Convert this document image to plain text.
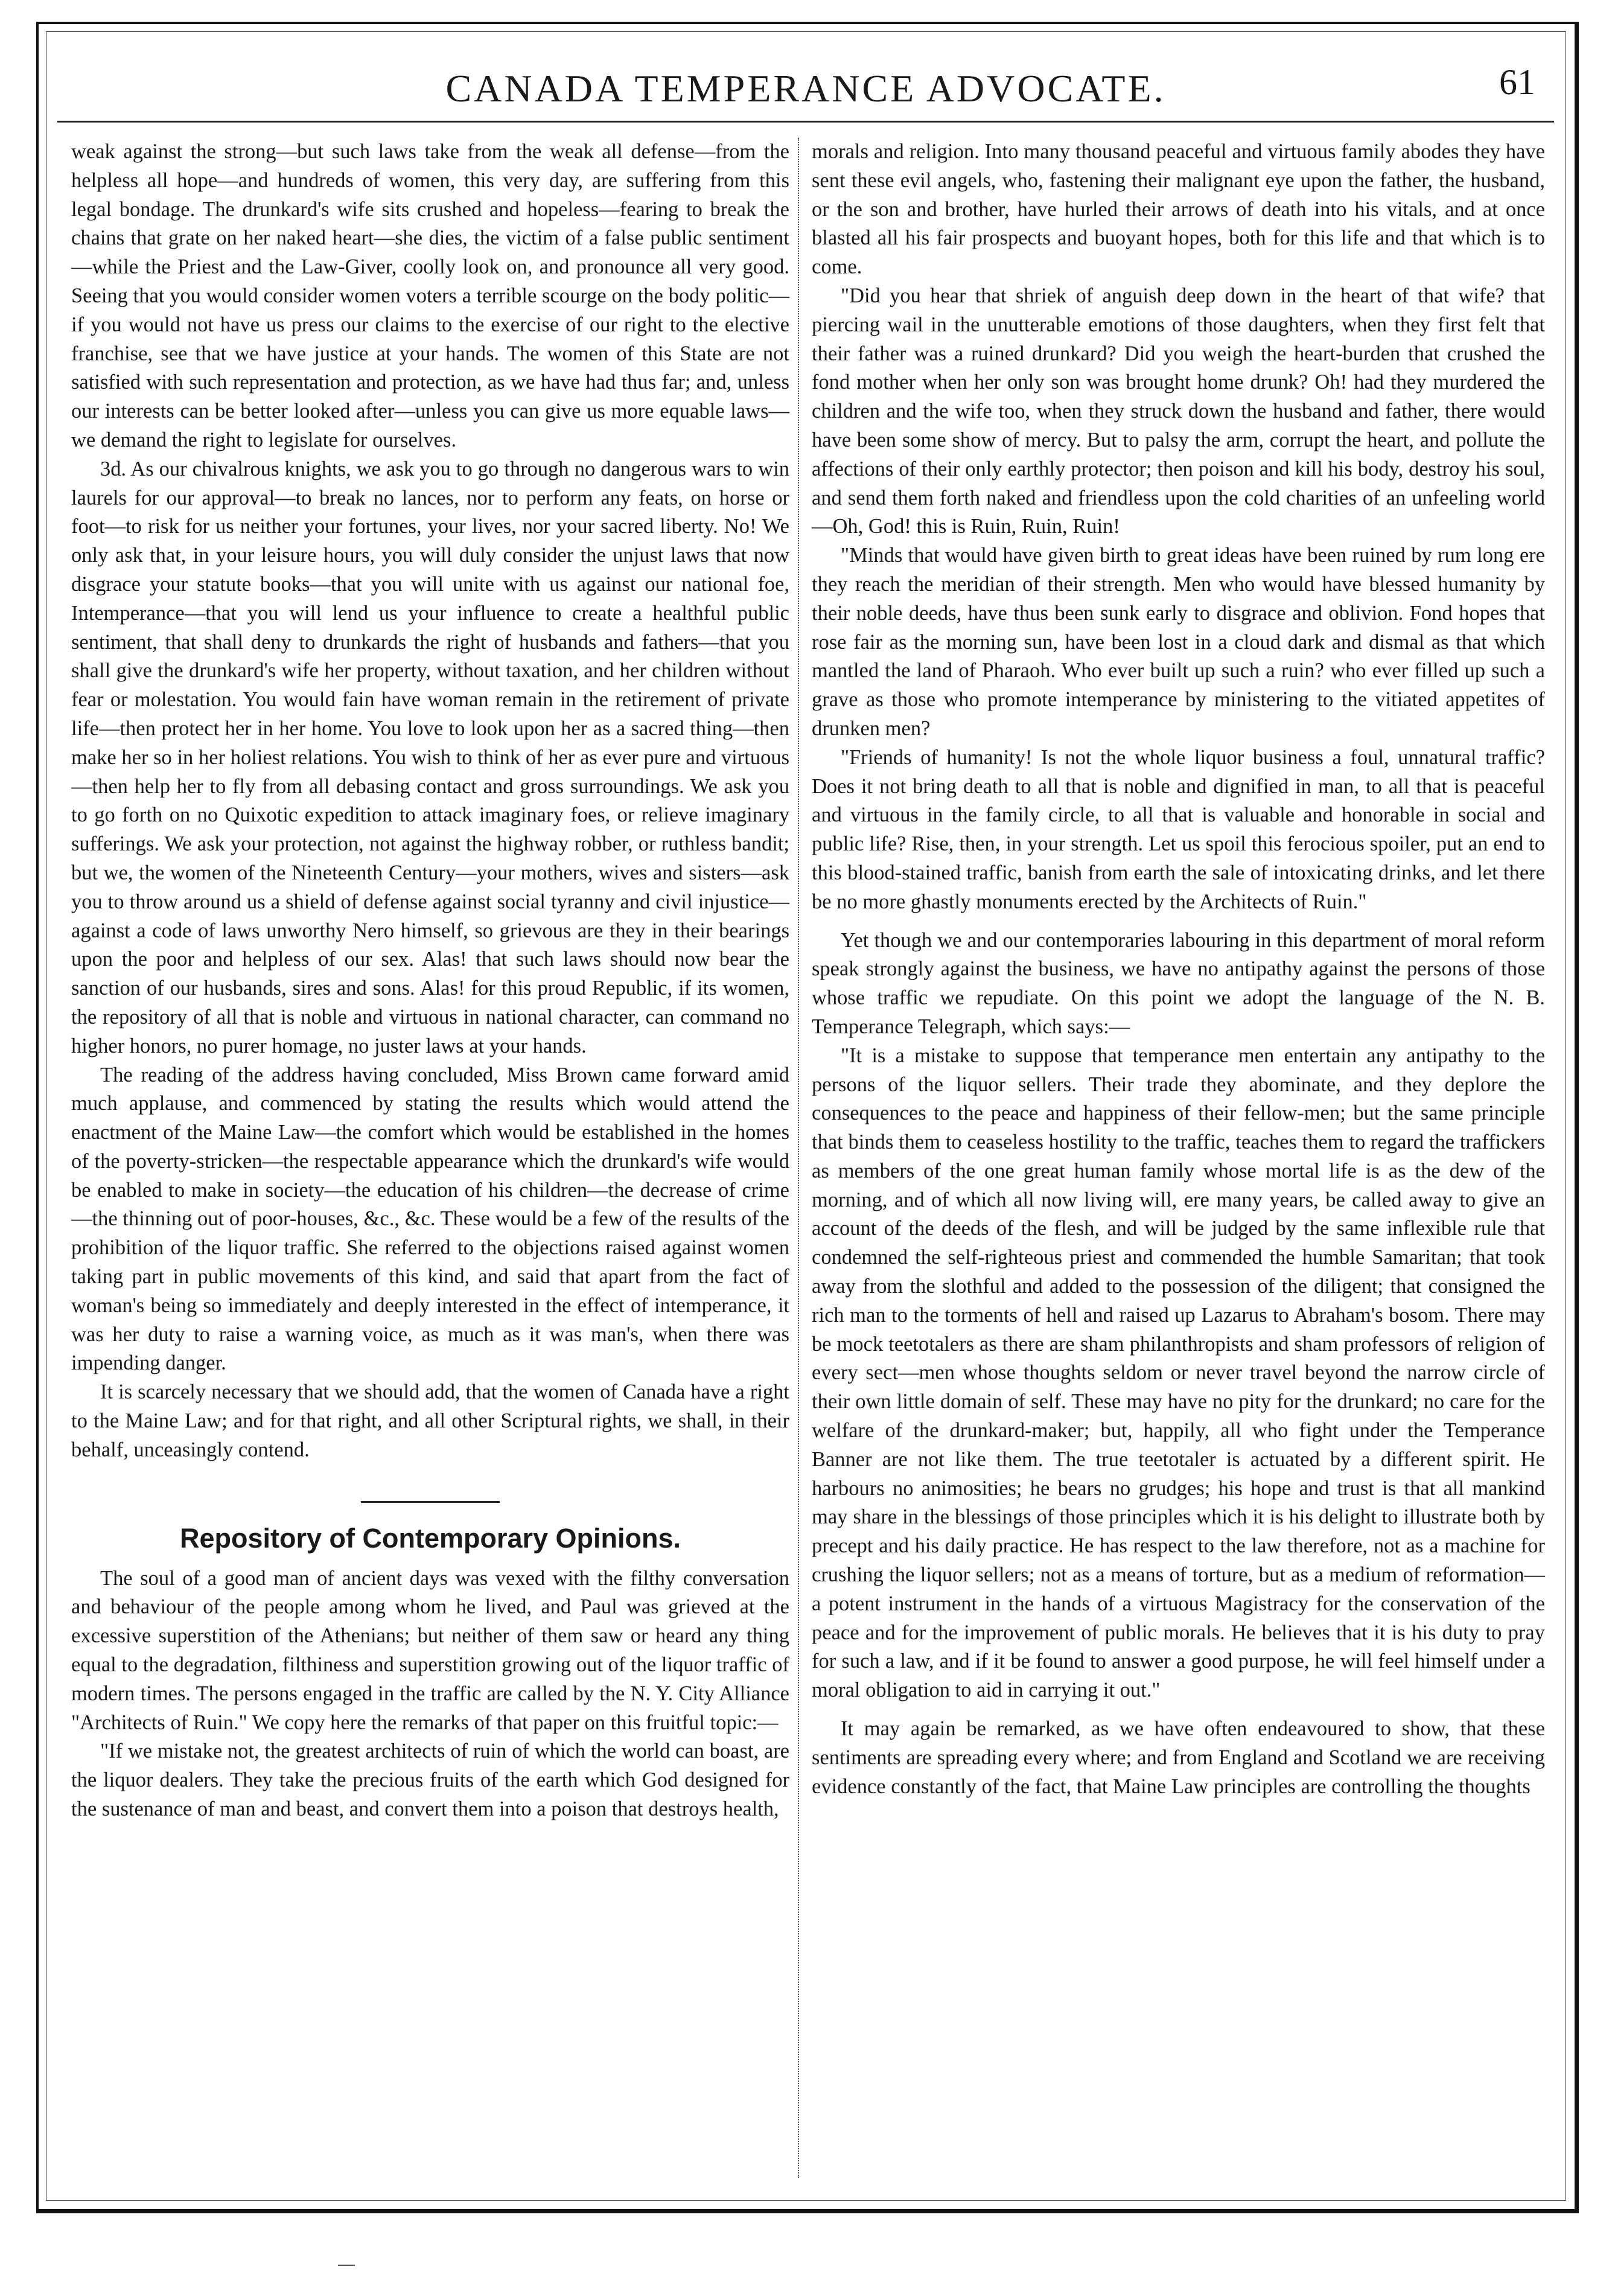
CANADA TEMPERANCE ADVOCATE.	61

weak against the strong—but such laws take from the weak all defense—from the helpless all hope—and hundreds of women, this very day, are suffering from this legal bondage. The drunkard's wife sits crushed and hopeless—fearing to break the chains that grate on her naked heart—she dies, the victim of a false public sentiment—while the Priest and the Law-Giver, coolly look on, and pronounce all very good. Seeing that you would consider women voters a terrible scourge on the body politic—if you would not have us press our claims to the exercise of our right to the elective franchise, see that we have justice at your hands. The women of this State are not satisfied with such representation and protection, as we have had thus far; and, unless our interests can be better looked after—unless you can give us more equable laws—we demand the right to legislate for ourselves.

3d. As our chivalrous knights, we ask you to go through no dangerous wars to win laurels for our approval—to break no lances, nor to perform any feats, on horse or foot—to risk for us neither your fortunes, your lives, nor your sacred liberty. No! We only ask that, in your leisure hours, you will duly consider the unjust laws that now disgrace your statute books—that you will unite with us against our national foe, Intemperance—that you will lend us your influence to create a healthful public sentiment, that shall deny to drunkards the right of husbands and fathers—that you shall give the drunkard's wife her property, without taxation, and her children without fear or molestation. You would fain have woman remain in the retirement of private life—then protect her in her home. You love to look upon her as a sacred thing—then make her so in her holiest relations. You wish to think of her as ever pure and virtuous—then help her to fly from all debasing contact and gross surroundings. We ask you to go forth on no Quixotic expedition to attack imaginary foes, or relieve imaginary sufferings. We ask your protection, not against the highway robber, or ruthless bandit; but we, the women of the Nineteenth Century—your mothers, wives and sisters—ask you to throw around us a shield of defense against social tyranny and civil injustice—against a code of laws unworthy Nero himself, so grievous are they in their bearings upon the poor and helpless of our sex. Alas! that such laws should now bear the sanction of our husbands, sires and sons. Alas! for this proud Republic, if its women, the repository of all that is noble and virtuous in national character, can command no higher honors, no purer homage, no juster laws at your hands.

The reading of the address having concluded, Miss Brown came forward amid much applause, and commenced by stating the results which would attend the enactment of the Maine Law—the comfort which would be established in the homes of the poverty-stricken—the respectable appearance which the drunkard's wife would be enabled to make in society—the education of his children—the decrease of crime—the thinning out of poor-houses, &c., &c. These would be a few of the results of the prohibition of the liquor traffic. She referred to the objections raised against women taking part in public movements of this kind, and said that apart from the fact of woman's being so immediately and deeply interested in the effect of intemperance, it was her duty to raise a warning voice, as much as it was man's, when there was impending danger.

It is scarcely necessary that we should add, that the women of Canada have a right to the Maine Law; and for that right, and all other Scriptural rights, we shall, in their behalf, unceasingly contend.

Repository of Contemporary Opinions.

The soul of a good man of ancient days was vexed with the filthy conversation and behaviour of the people among whom he lived, and Paul was grieved at the excessive superstition of the Athenians; but neither of them saw or heard any thing equal to the degradation, filthiness and superstition growing out of the liquor traffic of modern times. The persons engaged in the traffic are called by the N. Y. City Alliance "Architects of Ruin." We copy here the remarks of that paper on this fruitful topic:—

"If we mistake not, the greatest architects of ruin of which the world can boast, are the liquor dealers. They take the precious fruits of the earth which God designed for the sustenance of man and beast, and convert them into a poison that destroys health,

morals and religion. Into many thousand peaceful and virtuous family abodes they have sent these evil angels, who, fastening their malignant eye upon the father, the husband, or the son and brother, have hurled their arrows of death into his vitals, and at once blasted all his fair prospects and buoyant hopes, both for this life and that which is to come.

"Did you hear that shriek of anguish deep down in the heart of that wife? that piercing wail in the unutterable emotions of those daughters, when they first felt that their father was a ruined drunkard? Did you weigh the heart-burden that crushed the fond mother when her only son was brought home drunk? Oh! had they murdered the children and the wife too, when they struck down the husband and father, there would have been some show of mercy. But to palsy the arm, corrupt the heart, and pollute the affections of their only earthly protector; then poison and kill his body, destroy his soul, and send them forth naked and friendless upon the cold charities of an unfeeling world—Oh, God! this is Ruin, Ruin, Ruin!

"Minds that would have given birth to great ideas have been ruined by rum long ere they reach the meridian of their strength. Men who would have blessed humanity by their noble deeds, have thus been sunk early to disgrace and oblivion. Fond hopes that rose fair as the morning sun, have been lost in a cloud dark and dismal as that which mantled the land of Pharaoh. Who ever built up such a ruin? who ever filled up such a grave as those who promote intemperance by ministering to the vitiated appetites of drunken men?

"Friends of humanity! Is not the whole liquor business a foul, unnatural traffic? Does it not bring death to all that is noble and dignified in man, to all that is peaceful and virtuous in the family circle, to all that is valuable and honorable in social and public life? Rise, then, in your strength. Let us spoil this ferocious spoiler, put an end to this blood-stained traffic, banish from earth the sale of intoxicating drinks, and let there be no more ghastly monuments erected by the Architects of Ruin."

Yet though we and our contemporaries labouring in this department of moral reform speak strongly against the business, we have no antipathy against the persons of those whose traffic we repudiate. On this point we adopt the language of the N. B. Temperance Telegraph, which says:—

"It is a mistake to suppose that temperance men entertain any antipathy to the persons of the liquor sellers. Their trade they abominate, and they deplore the consequences to the peace and happiness of their fellow-men; but the same principle that binds them to ceaseless hostility to the traffic, teaches them to regard the traffickers as members of the one great human family whose mortal life is as the dew of the morning, and of which all now living will, ere many years, be called away to give an account of the deeds of the flesh, and will be judged by the same inflexible rule that condemned the self-righteous priest and commended the humble Samaritan; that took away from the slothful and added to the possession of the diligent; that consigned the rich man to the torments of hell and raised up Lazarus to Abraham's bosom. There may be mock teetotalers as there are sham philanthropists and sham professors of religion of every sect—men whose thoughts seldom or never travel beyond the narrow circle of their own little domain of self. These may have no pity for the drunkard; no care for the welfare of the drunkard-maker; but, happily, all who fight under the Temperance Banner are not like them. The true teetotaler is actuated by a different spirit. He harbours no animosities; he bears no grudges; his hope and trust is that all mankind may share in the blessings of those principles which it is his delight to illustrate both by precept and his daily practice. He has respect to the law therefore, not as a machine for crushing the liquor sellers; not as a means of torture, but as a medium of reformation—a potent instrument in the hands of a virtuous Magistracy for the conservation of the peace and for the improvement of public morals. He believes that it is his duty to pray for such a law, and if it be found to answer a good purpose, he will feel himself under a moral obligation to aid in carrying it out."

It may again be remarked, as we have often endeavoured to show, that these sentiments are spreading every where; and from England and Scotland we are receiving evidence constantly of the fact, that Maine Law principles are controlling the thoughts
